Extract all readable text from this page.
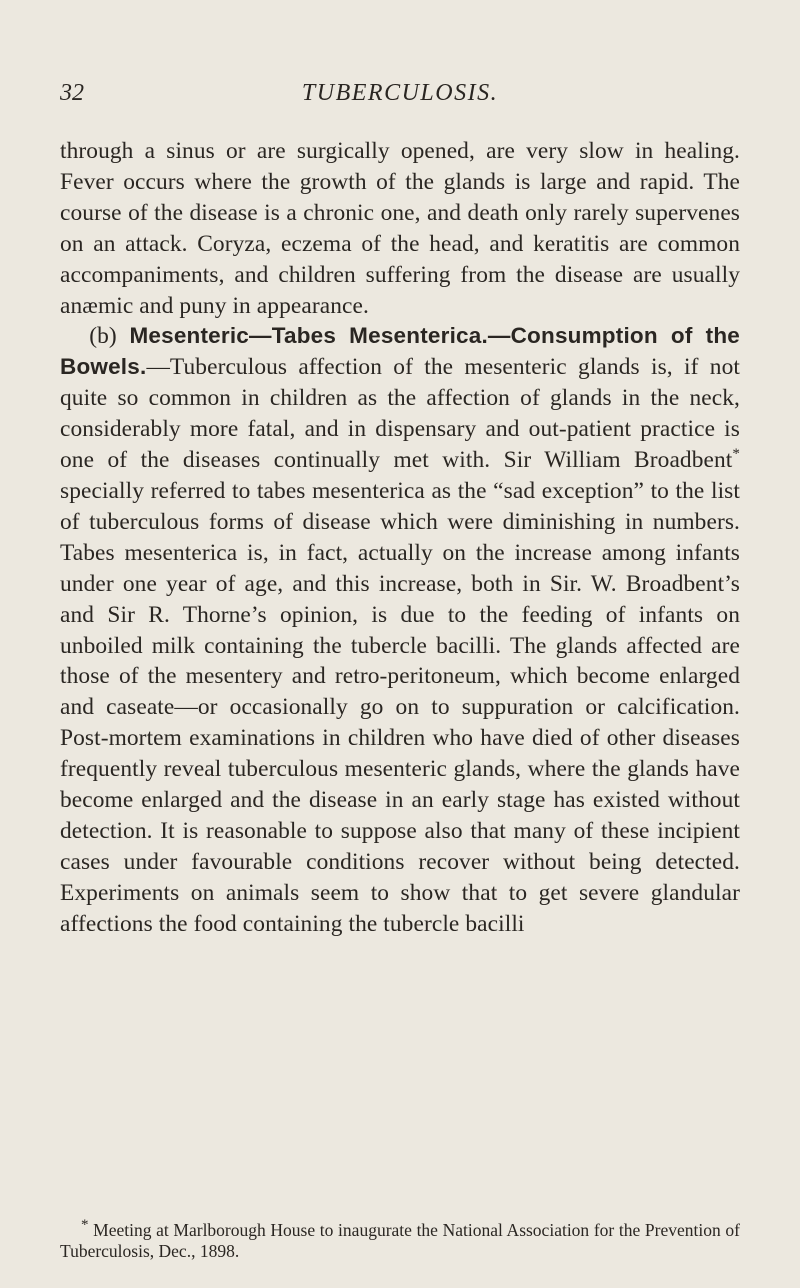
32	TUBERCULOSIS.

through a sinus or are surgically opened, are very slow in healing. Fever occurs where the growth of the glands is large and rapid. The course of the disease is a chronic one, and death only rarely supervenes on an attack. Coryza, eczema of the head, and keratitis are common accompaniments, and children suffering from the disease are usually anæmic and puny in appearance.

(b) Mesenteric—Tabes Mesenterica.—Consumption of the Bowels.—Tuberculous affection of the mesenteric glands is, if not quite so common in children as the affection of glands in the neck, considerably more fatal, and in dispensary and out-patient practice is one of the diseases continually met with. Sir William Broadbent* specially referred to tabes mesenterica as the “sad exception” to the list of tuberculous forms of disease which were diminishing in numbers. Tabes mesenterica is, in fact, actually on the increase among infants under one year of age, and this increase, both in Sir. W. Broadbent’s and Sir R. Thorne’s opinion, is due to the feeding of infants on unboiled milk containing the tubercle bacilli. The glands affected are those of the mesentery and retro-peritoneum, which become enlarged and caseate—or occasionally go on to suppuration or calcification. Post-mortem examinations in children who have died of other diseases frequently reveal tuberculous mesenteric glands, where the glands have become enlarged and the disease in an early stage has existed without detection. It is reasonable to suppose also that many of these incipient cases under favourable conditions recover without being detected. Experiments on animals seem to show that to get severe glandular affections the food containing the tubercle bacilli

* Meeting at Marlborough House to inaugurate the National Association for the Prevention of Tuberculosis, Dec., 1898.
